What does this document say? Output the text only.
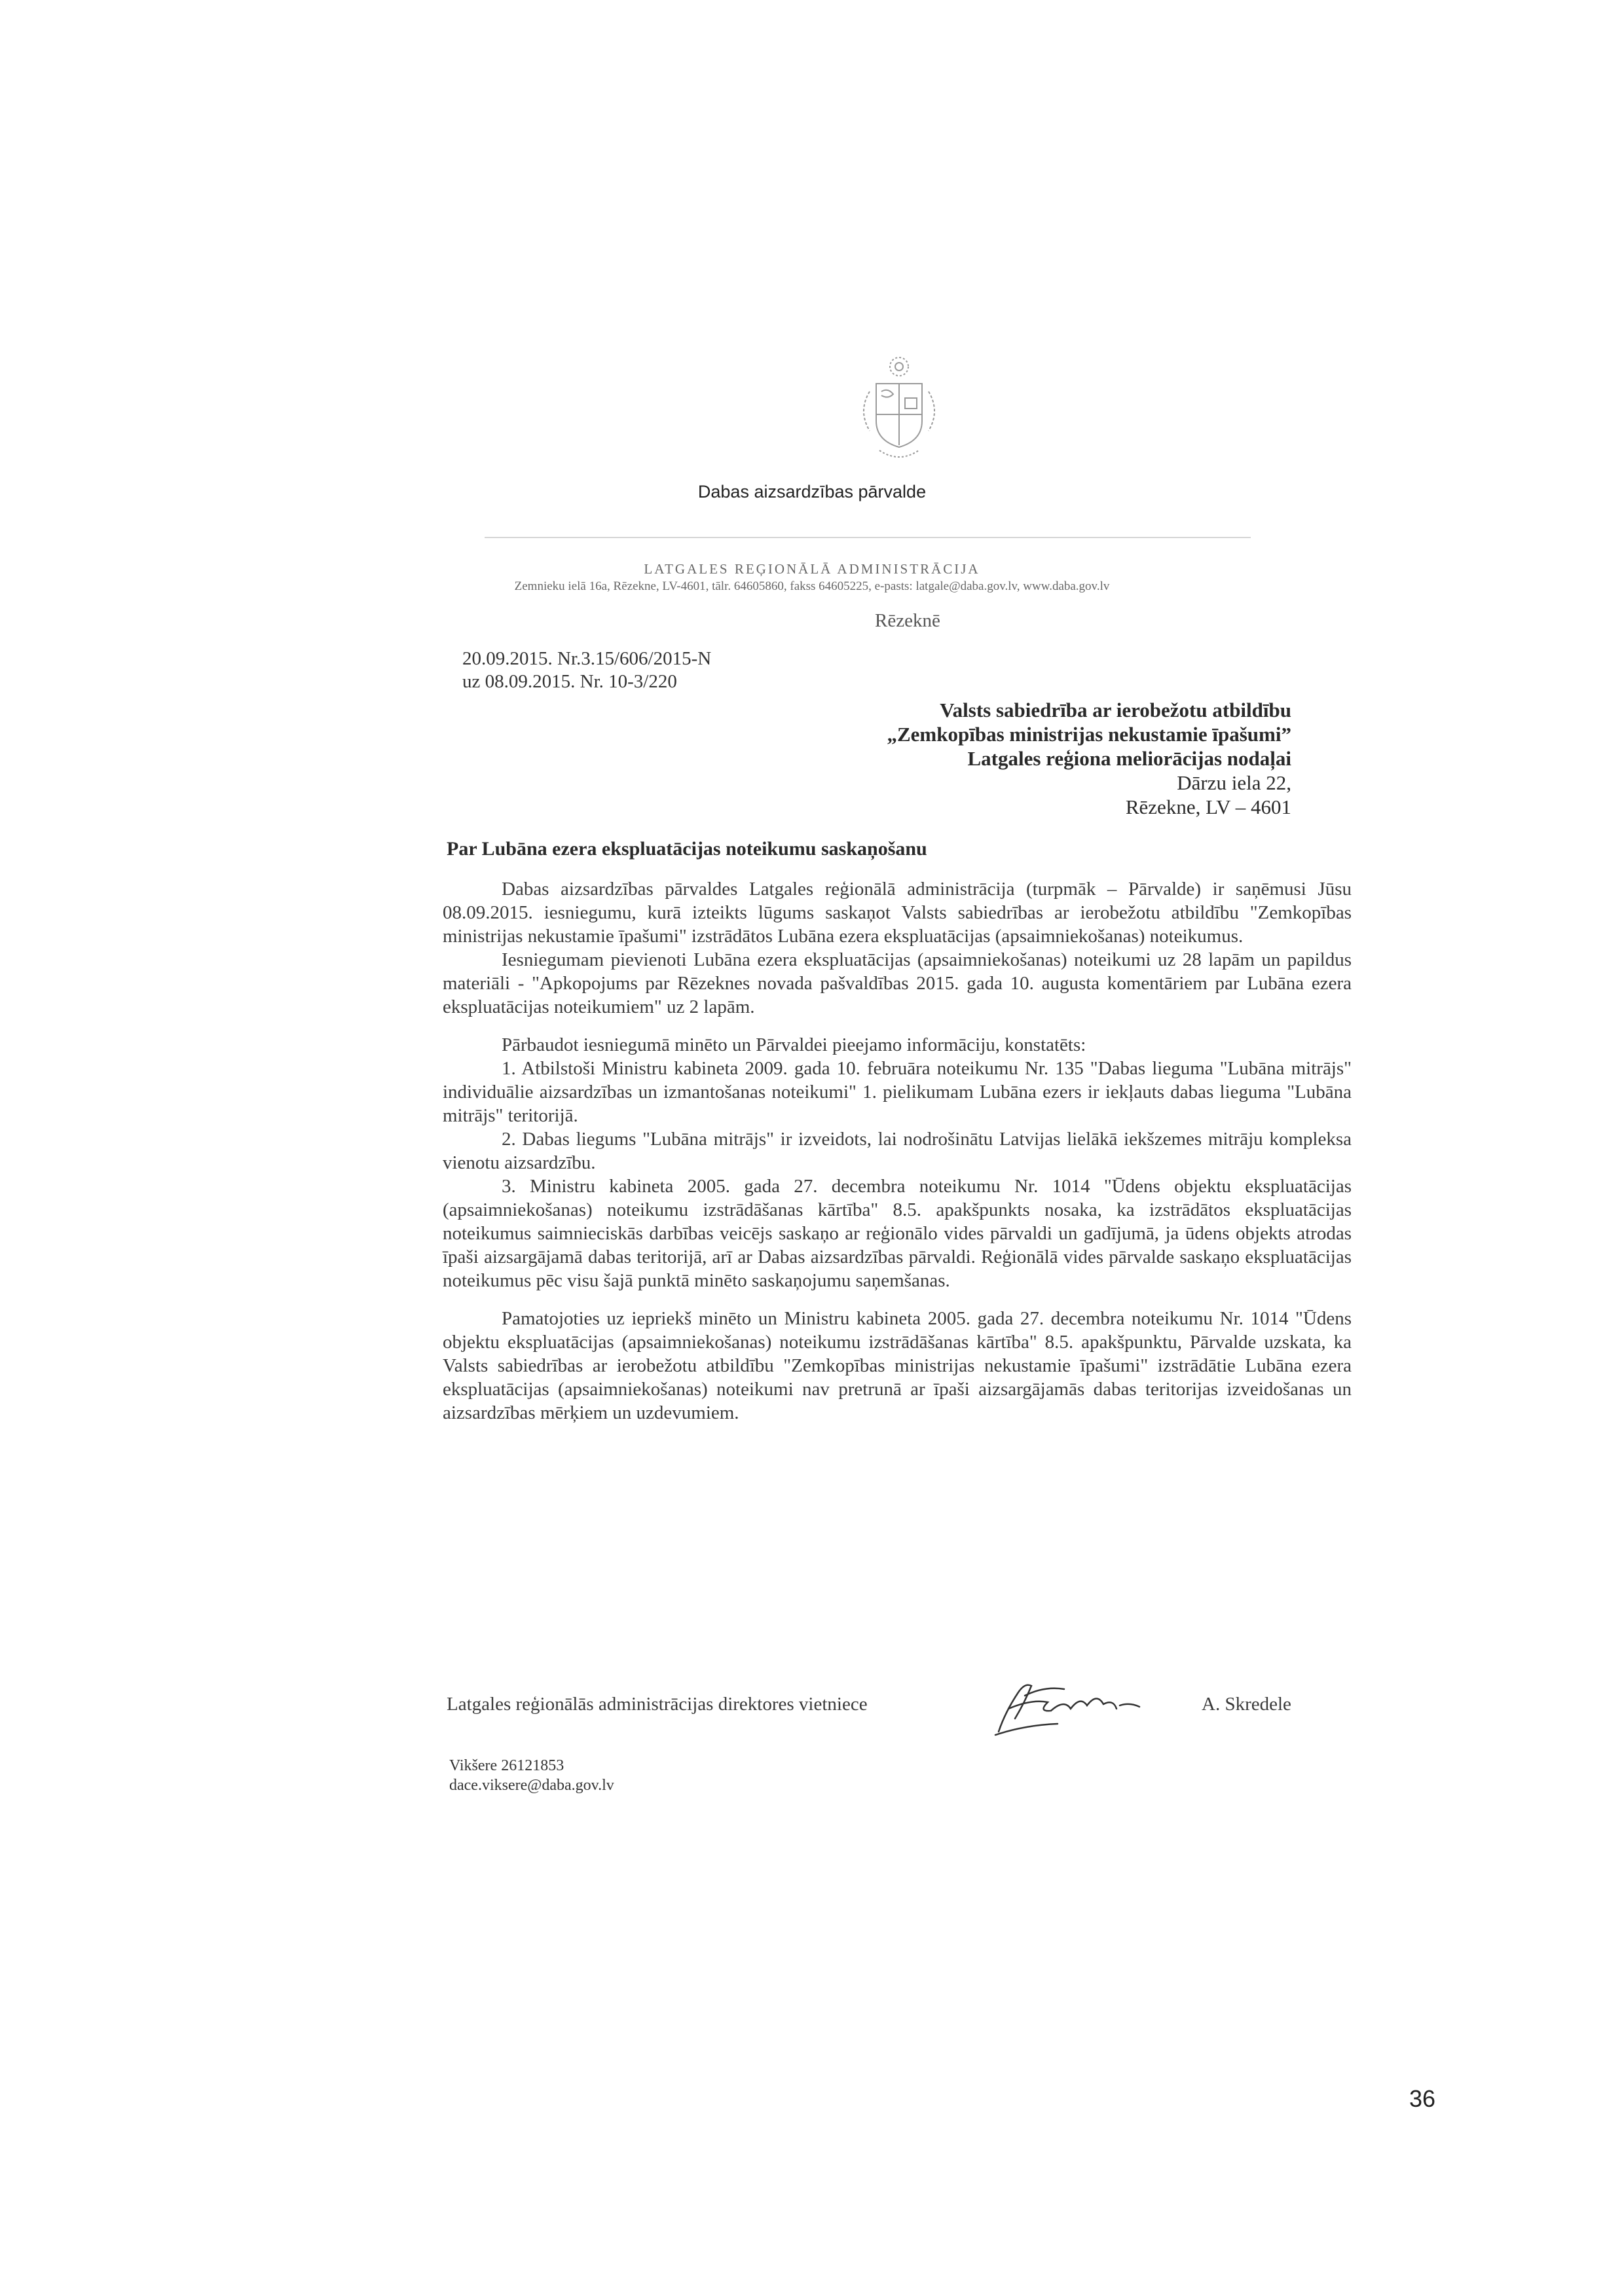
Dabas aizsardzības pārvalde
LATGALES REĢIONĀLĀ ADMINISTRĀCIJA
Zemnieku ielā 16a, Rēzekne, LV-4601, tālr. 64605860, fakss 64605225, e-pasts: latgale@daba.gov.lv, www.daba.gov.lv
Rēzeknē
20.09.2015. Nr.3.15/606/2015-N
uz 08.09.2015. Nr. 10-3/220
Valsts sabiedrība ar ierobežotu atbildību
„Zemkopības ministrijas nekustamie īpašumi”
Latgales reģiona meliorācijas nodaļai
Dārzu iela 22,
Rēzekne, LV – 4601
Par Lubāna ezera ekspluatācijas noteikumu saskaņošanu

Dabas aizsardzības pārvaldes Latgales reģionālā administrācija (turpmāk – Pārvalde) ir saņēmusi Jūsu 08.09.2015. iesniegumu, kurā izteikts lūgums saskaņot Valsts sabiedrības ar ierobežotu atbildību "Zemkopības ministrijas nekustamie īpašumi" izstrādātos Lubāna ezera ekspluatācijas (apsaimniekošanas) noteikumus.

Iesniegumam pievienoti Lubāna ezera ekspluatācijas (apsaimniekošanas) noteikumi uz 28 lapām un papildus materiāli - "Apkopojums par Rēzeknes novada pašvaldības 2015. gada 10. augusta komentāriem par Lubāna ezera ekspluatācijas noteikumiem" uz 2 lapām.

Pārbaudot iesniegumā minēto un Pārvaldei pieejamo informāciju, konstatēts:

1. Atbilstoši Ministru kabineta 2009. gada 10. februāra noteikumu Nr. 135 "Dabas lieguma "Lubāna mitrājs" individuālie aizsardzības un izmantošanas noteikumi" 1. pielikumam Lubāna ezers ir iekļauts dabas lieguma "Lubāna mitrājs" teritorijā.

2. Dabas liegums "Lubāna mitrājs" ir izveidots, lai nodrošinātu Latvijas lielākā iekšzemes mitrāju kompleksa vienotu aizsardzību.

3. Ministru kabineta 2005. gada 27. decembra noteikumu Nr. 1014 "Ūdens objektu ekspluatācijas (apsaimniekošanas) noteikumu izstrādāšanas kārtība" 8.5. apakšpunkts nosaka, ka izstrādātos ekspluatācijas noteikumus saimnieciskās darbības veicējs saskaņo ar reģionālo vides pārvaldi un gadījumā, ja ūdens objekts atrodas īpaši aizsargājamā dabas teritorijā, arī ar Dabas aizsardzības pārvaldi. Reģionālā vides pārvalde saskaņo ekspluatācijas noteikumus pēc visu šajā punktā minēto saskaņojumu saņemšanas.

Pamatojoties uz iepriekš minēto un Ministru kabineta 2005. gada 27. decembra noteikumu Nr. 1014 "Ūdens objektu ekspluatācijas (apsaimniekošanas) noteikumu izstrādāšanas kārtība" 8.5. apakšpunktu, Pārvalde uzskata, ka Valsts sabiedrības ar ierobežotu atbildību "Zemkopības ministrijas nekustamie īpašumi" izstrādātie Lubāna ezera ekspluatācijas (apsaimniekošanas) noteikumi nav pretrunā ar īpaši aizsargājamās dabas teritorijas izveidošanas un aizsardzības mērķiem un uzdevumiem.

Latgales reģionālās administrācijas direktores vietniece	A. Skredele
Vikšere 26121853
dace.viksere@daba.gov.lv
36
